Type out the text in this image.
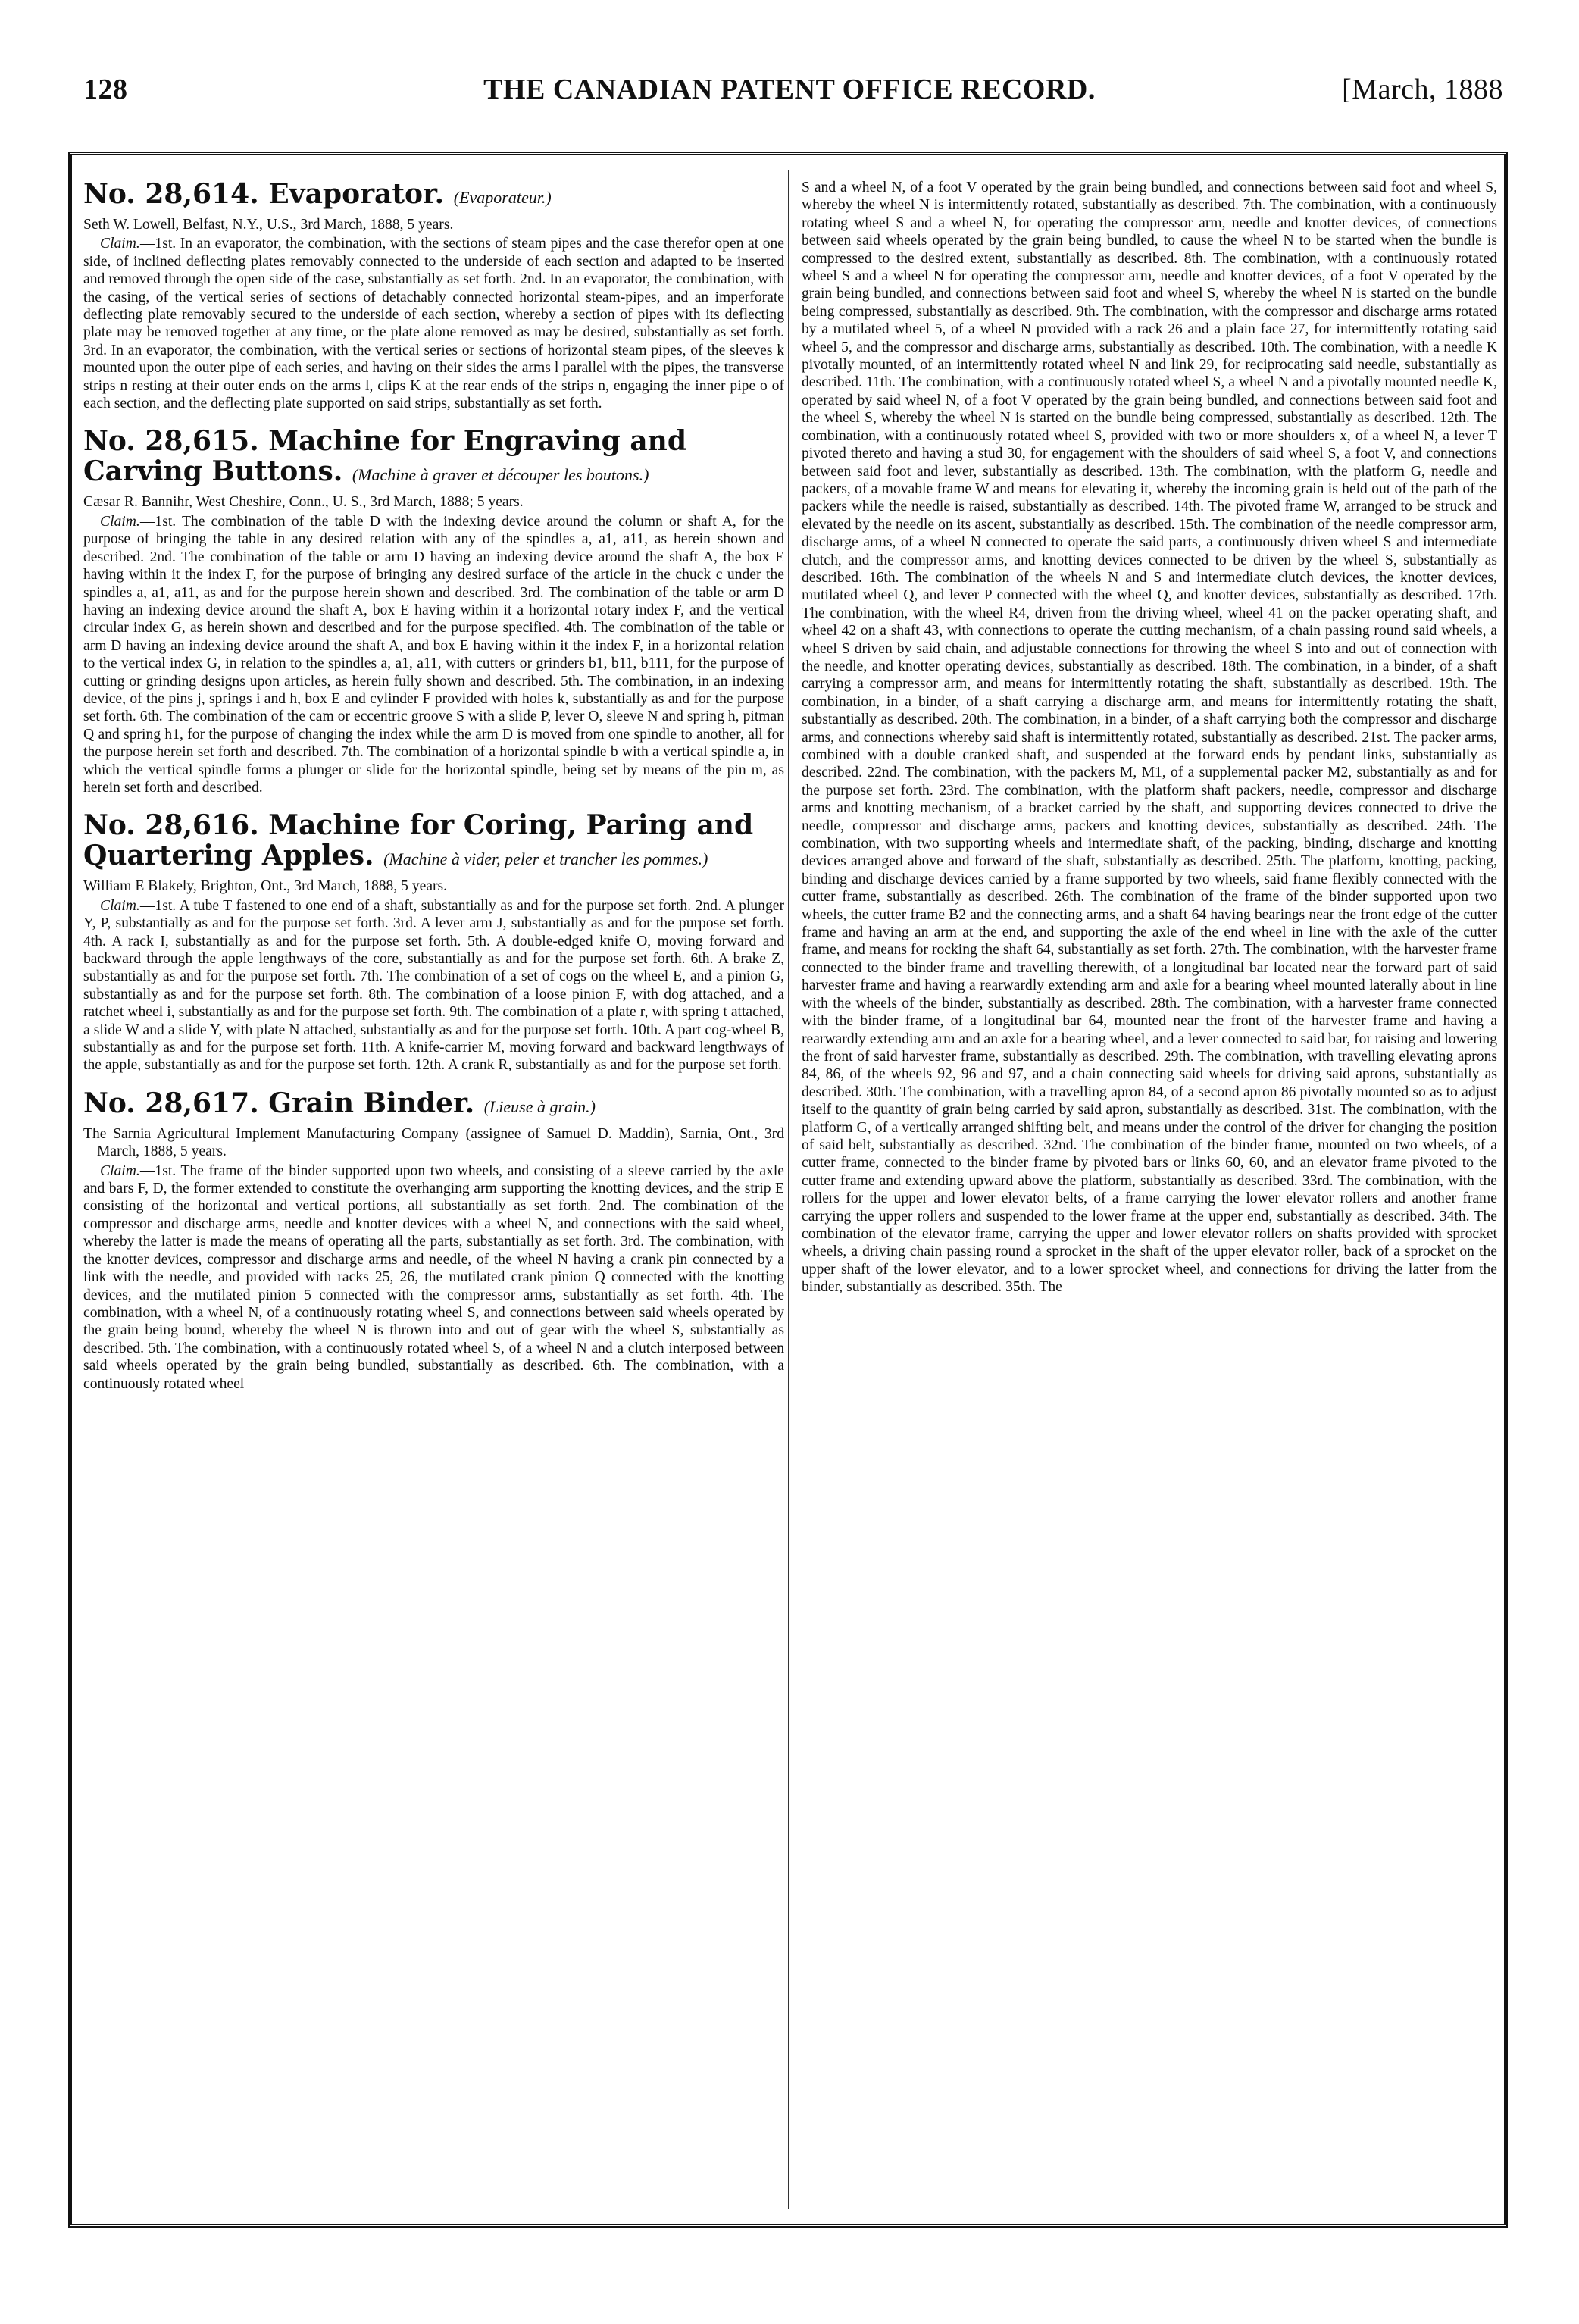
128	THE CANADIAN PATENT OFFICE RECORD.	[March, 1888
No. 28,614. Evaporator. (Evaporateur.)

Seth W. Lowell, Belfast, N.Y., U.S., 3rd March, 1888, 5 years.

Claim.—1st. In an evaporator, the combination, with the sections of steam pipes and the case therefor open at one side, of inclined deflecting plates removably connected to the underside of each section and adapted to be inserted and removed through the open side of the case, substantially as set forth. 2nd. In an evaporator, the combination, with the casing, of the vertical series of sections of detachably connected horizontal steam-pipes, and an imperforate deflecting plate removably secured to the underside of each section, whereby a section of pipes with its deflecting plate may be removed together at any time, or the plate alone removed as may be desired, substantially as set forth. 3rd. In an evaporator, the combination, with the vertical series or sections of horizontal steam pipes, of the sleeves k mounted upon the outer pipe of each series, and having on their sides the arms l parallel with the pipes, the transverse strips n resting at their outer ends on the arms l, clips K at the rear ends of the strips n, engaging the inner pipe o of each section, and the deflecting plate supported on said strips, substantially as set forth.

No. 28,615. Machine for Engraving and Carving Buttons. (Machine à graver et découper les boutons.)

Cæsar R. Bannihr, West Cheshire, Conn., U. S., 3rd March, 1888; 5 years.

Claim.—1st. The combination of the table D with the indexing device around the column or shaft A, for the purpose of bringing the table in any desired relation with any of the spindles a, a1, a11, as herein shown and described. 2nd. The combination of the table or arm D having an indexing device around the shaft A, the box E having within it the index F, for the purpose of bringing any desired surface of the article in the chuck c under the spindles a, a1, a11, as and for the purpose herein shown and described. 3rd. The combination of the table or arm D having an indexing device around the shaft A, box E having within it a horizontal rotary index F, and the vertical circular index G, as herein shown and described and for the purpose specified. 4th. The combination of the table or arm D having an indexing device around the shaft A, and box E having within it the index F, in a horizontal relation to the vertical index G, in relation to the spindles a, a1, a11, with cutters or grinders b1, b11, b111, for the purpose of cutting or grinding designs upon articles, as herein fully shown and described. 5th. The combination, in an indexing device, of the pins j, springs i and h, box E and cylinder F provided with holes k, substantially as and for the purpose set forth. 6th. The combination of the cam or eccentric groove S with a slide P, lever O, sleeve N and spring h, pitman Q and spring h1, for the purpose of changing the index while the arm D is moved from one spindle to another, all for the purpose herein set forth and described. 7th. The combination of a horizontal spindle b with a vertical spindle a, in which the vertical spindle forms a plunger or slide for the horizontal spindle, being set by means of the pin m, as herein set forth and described.

No. 28,616. Machine for Coring, Paring and Quartering Apples. (Machine à vider, peler et trancher les pommes.)

William E Blakely, Brighton, Ont., 3rd March, 1888, 5 years.

Claim.—1st. A tube T fastened to one end of a shaft, substantially as and for the purpose set forth. 2nd. A plunger Y, P, substantially as and for the purpose set forth. 3rd. A lever arm J, substantially as and for the purpose set forth. 4th. A rack I, substantially as and for the purpose set forth. 5th. A double-edged knife O, moving forward and backward through the apple lengthways of the core, substantially as and for the purpose set forth. 6th. A brake Z, substantially as and for the purpose set forth. 7th. The combination of a set of cogs on the wheel E, and a pinion G, substantially as and for the purpose set forth. 8th. The combination of a loose pinion F, with dog attached, and a ratchet wheel i, substantially as and for the purpose set forth. 9th. The combination of a plate r, with spring t attached, a slide W and a slide Y, with plate N attached, substantially as and for the purpose set forth. 10th. A part cog-wheel B, substantially as and for the purpose set forth. 11th. A knife-carrier M, moving forward and backward lengthways of the apple, substantially as and for the purpose set forth. 12th. A crank R, substantially as and for the purpose set forth.

No. 28,617. Grain Binder. (Lieuse à grain.)

The Sarnia Agricultural Implement Manufacturing Company (assignee of Samuel D. Maddin), Sarnia, Ont., 3rd March, 1888, 5 years.

Claim.—1st. The frame of the binder supported upon two wheels, and consisting of a sleeve carried by the axle and bars F, D, the former extended to constitute the overhanging arm supporting the knotting devices, and the strip E consisting of the horizontal and vertical portions, all substantially as set forth. 2nd. The combination of the compressor and discharge arms, needle and knotter devices with a wheel N, and connections with the said wheel, whereby the latter is made the means of operating all the parts, substantially as set forth. 3rd. The combination, with the knotter devices, compressor and discharge arms and needle, of the wheel N having a crank pin connected by a link with the needle, and provided with racks 25, 26, the mutilated crank pinion Q connected with the knotting devices, and the mutilated pinion 5 connected with the compressor arms, substantially as set forth. 4th. The combination, with a wheel N, of a continuously rotating wheel S, and connections between said wheels operated by the grain being bound, whereby the wheel N is thrown into and out of gear with the wheel S, substantially as described. 5th. The combination, with a continuously rotated wheel S, of a wheel N and a clutch interposed between said wheels operated by the grain being bundled, substantially as described. 6th. The combination, with a continuously rotated wheel

S and a wheel N, of a foot V operated by the grain being bundled, and connections between said foot and wheel S, whereby the wheel N is intermittently rotated, substantially as described. 7th. The combination, with a continuously rotating wheel S and a wheel N, for operating the compressor arm, needle and knotter devices, of connections between said wheels operated by the grain being bundled, to cause the wheel N to be started when the bundle is compressed to the desired extent, substantially as described. 8th. The combination, with a continuously rotated wheel S and a wheel N for operating the compressor arm, needle and knotter devices, of a foot V operated by the grain being bundled, and connections between said foot and wheel S, whereby the wheel N is started on the bundle being compressed, substantially as described. 9th. The combination, with the compressor and discharge arms rotated by a mutilated wheel 5, of a wheel N provided with a rack 26 and a plain face 27, for intermittently rotating said wheel 5, and the compressor and discharge arms, substantially as described. 10th. The combination, with a needle K pivotally mounted, of an intermittently rotated wheel N and link 29, for reciprocating said needle, substantially as described. 11th. The combination, with a continuously rotated wheel S, a wheel N and a pivotally mounted needle K, operated by said wheel N, of a foot V operated by the grain being bundled, and connections between said foot and the wheel S, whereby the wheel N is started on the bundle being compressed, substantially as described. 12th. The combination, with a continuously rotated wheel S, provided with two or more shoulders x, of a wheel N, a lever T pivoted thereto and having a stud 30, for engagement with the shoulders of said wheel S, a foot V, and connections between said foot and lever, substantially as described. 13th. The combination, with the platform G, needle and packers, of a movable frame W and means for elevating it, whereby the incoming grain is held out of the path of the packers while the needle is raised, substantially as described. 14th. The pivoted frame W, arranged to be struck and elevated by the needle on its ascent, substantially as described. 15th. The combination of the needle compressor arm, discharge arms, of a wheel N connected to operate the said parts, a continuously driven wheel S and intermediate clutch, and the compressor arms, and knotting devices connected to be driven by the wheel S, substantially as described. 16th. The combination of the wheels N and S and intermediate clutch devices, the knotter devices, mutilated wheel Q, and lever P connected with the wheel Q, and knotter devices, substantially as described. 17th. The combination, with the wheel R4, driven from the driving wheel, wheel 41 on the packer operating shaft, and wheel 42 on a shaft 43, with connections to operate the cutting mechanism, of a chain passing round said wheels, a wheel S driven by said chain, and adjustable connections for throwing the wheel S into and out of connection with the needle, and knotter operating devices, substantially as described. 18th. The combination, in a binder, of a shaft carrying a compressor arm, and means for intermittently rotating the shaft, substantially as described. 19th. The combination, in a binder, of a shaft carrying a discharge arm, and means for intermittently rotating the shaft, substantially as described. 20th. The combination, in a binder, of a shaft carrying both the compressor and discharge arms, and connections whereby said shaft is intermittently rotated, substantially as described. 21st. The packer arms, combined with a double cranked shaft, and suspended at the forward ends by pendant links, substantially as described. 22nd. The combination, with the packers M, M1, of a supplemental packer M2, substantially as and for the purpose set forth. 23rd. The combination, with the platform shaft packers, needle, compressor and discharge arms and knotting mechanism, of a bracket carried by the shaft, and supporting devices connected to drive the needle, compressor and discharge arms, packers and knotting devices, substantially as described. 24th. The combination, with two supporting wheels and intermediate shaft, of the packing, binding, discharge and knotting devices arranged above and forward of the shaft, substantially as described. 25th. The platform, knotting, packing, binding and discharge devices carried by a frame supported by two wheels, said frame flexibly connected with the cutter frame, substantially as described. 26th. The combination of the frame of the binder supported upon two wheels, the cutter frame B2 and the connecting arms, and a shaft 64 having bearings near the front edge of the cutter frame and having an arm at the end, and supporting the axle of the end wheel in line with the axle of the cutter frame, and means for rocking the shaft 64, substantially as set forth. 27th. The combination, with the harvester frame connected to the binder frame and travelling therewith, of a longitudinal bar located near the forward part of said harvester frame and having a rearwardly extending arm and axle for a bearing wheel mounted laterally about in line with the wheels of the binder, substantially as described. 28th. The combination, with a harvester frame connected with the binder frame, of a longitudinal bar 64, mounted near the front of the harvester frame and having a rearwardly extending arm and an axle for a bearing wheel, and a lever connected to said bar, for raising and lowering the front of said harvester frame, substantially as described. 29th. The combination, with travelling elevating aprons 84, 86, of the wheels 92, 96 and 97, and a chain connecting said wheels for driving said aprons, substantially as described. 30th. The combination, with a travelling apron 84, of a second apron 86 pivotally mounted so as to adjust itself to the quantity of grain being carried by said apron, substantially as described. 31st. The combination, with the platform G, of a vertically arranged shifting belt, and means under the control of the driver for changing the position of said belt, substantially as described. 32nd. The combination of the binder frame, mounted on two wheels, of a cutter frame, connected to the binder frame by pivoted bars or links 60, 60, and an elevator frame pivoted to the cutter frame and extending upward above the platform, substantially as described. 33rd. The combination, with the rollers for the upper and lower elevator belts, of a frame carrying the lower elevator rollers and another frame carrying the upper rollers and suspended to the lower frame at the upper end, substantially as described. 34th. The combination of the elevator frame, carrying the upper and lower elevator rollers on shafts provided with sprocket wheels, a driving chain passing round a sprocket in the shaft of the upper elevator roller, back of a sprocket on the upper shaft of the lower elevator, and to a lower sprocket wheel, and connections for driving the latter from the binder, substantially as described. 35th. The
